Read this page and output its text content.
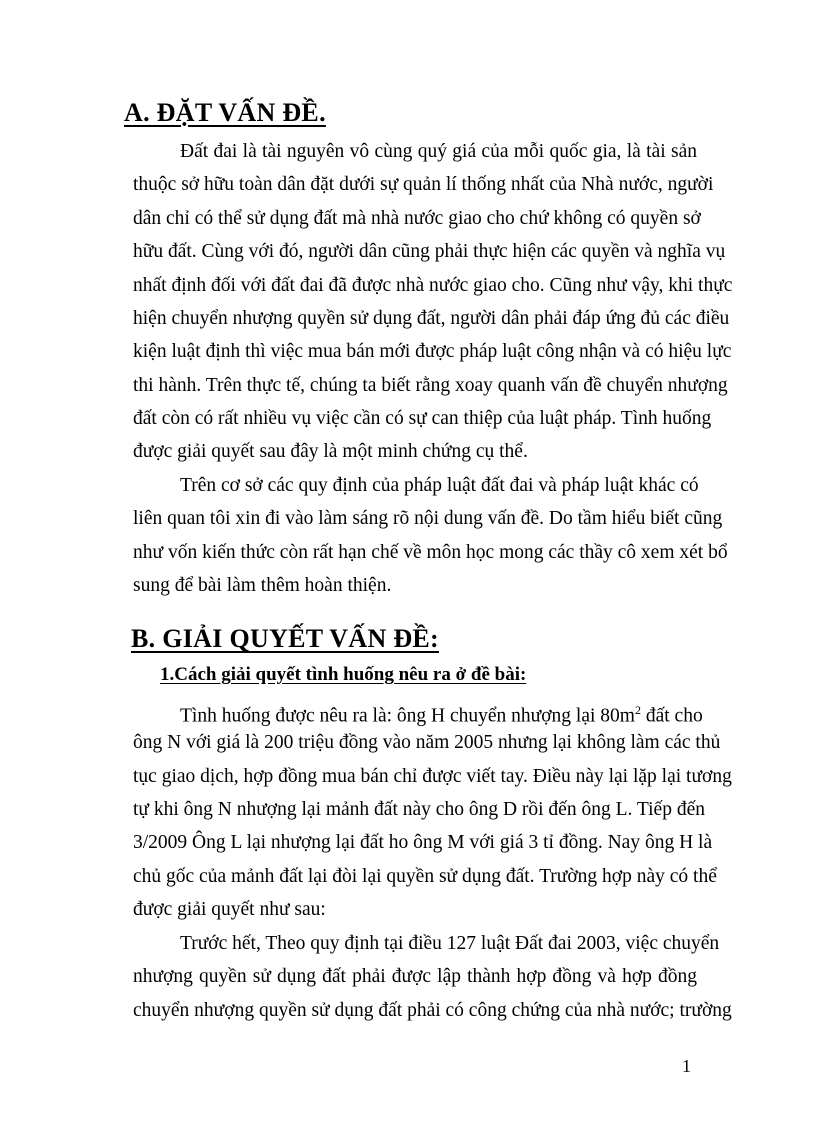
A. ĐẶT VẤN ĐỀ.
Đất đai là tài nguyên vô cùng quý giá của mỗi quốc gia, là tài sản
thuộc sở hữu toàn dân đặt dưới sự quản lí thống nhất của Nhà nước, người
dân chỉ có thể sử dụng đất mà nhà nước giao cho chứ không có quyền sở
hữu đất. Cùng với đó, người dân cũng phải thực hiện các quyền và nghĩa vụ
nhất định đối với đất đai đã được nhà nước giao cho. Cũng như vậy, khi thực
hiện chuyển nhượng quyền sử dụng đất, người dân phải đáp ứng đủ các điều
kiện luật định thì việc mua bán mới được pháp luật công nhận và có hiệu lực
thi hành. Trên thực tế, chúng ta biết rằng xoay quanh vấn đề chuyển nhượng
đất còn có rất nhiều vụ việc cần có sự can thiệp của luật pháp. Tình huống
được giải quyết sau đây là một minh chứng cụ thể.
Trên cơ sở các quy định của pháp luật đất đai và pháp luật khác có
liên quan tôi xin đi vào làm sáng rõ nội dung vấn đề. Do tầm hiểu biết cũng
như vốn kiến thức còn rất hạn chế về môn học mong các thầy cô xem xét bổ
sung để bài làm thêm hoàn thiện.
B. GIẢI QUYẾT VẤN ĐỀ:
1.Cách giải quyết tình huống nêu ra ở đề bài:
Tình huống được nêu ra là: ông H chuyển nhượng lại $80m^2$ đất cho
ông N với giá là 200 triệu đồng vào năm 2005 nhưng lại không làm các thủ
tục giao dịch, hợp đồng mua bán chỉ được viết tay. Điều này lại lặp lại tương
tự khi ông N nhượng lại mảnh đất này cho ông D rồi đến ông L. Tiếp đến
3/2009 Ông L lại nhượng lại đất ho ông M với giá 3 tỉ đồng. Nay ông H là
chủ gốc của mảnh đất lại đòi lại quyền sử dụng đất. Trường hợp này có thể
được giải quyết như sau:
Trước hết, Theo quy định tại điều 127 luật Đất đai 2003, việc chuyển
nhượng quyền sử dụng đất phải được lập thành hợp đồng và hợp đồng
chuyển nhượng quyền sử dụng đất phải có công chứng của nhà nước; trường
1
